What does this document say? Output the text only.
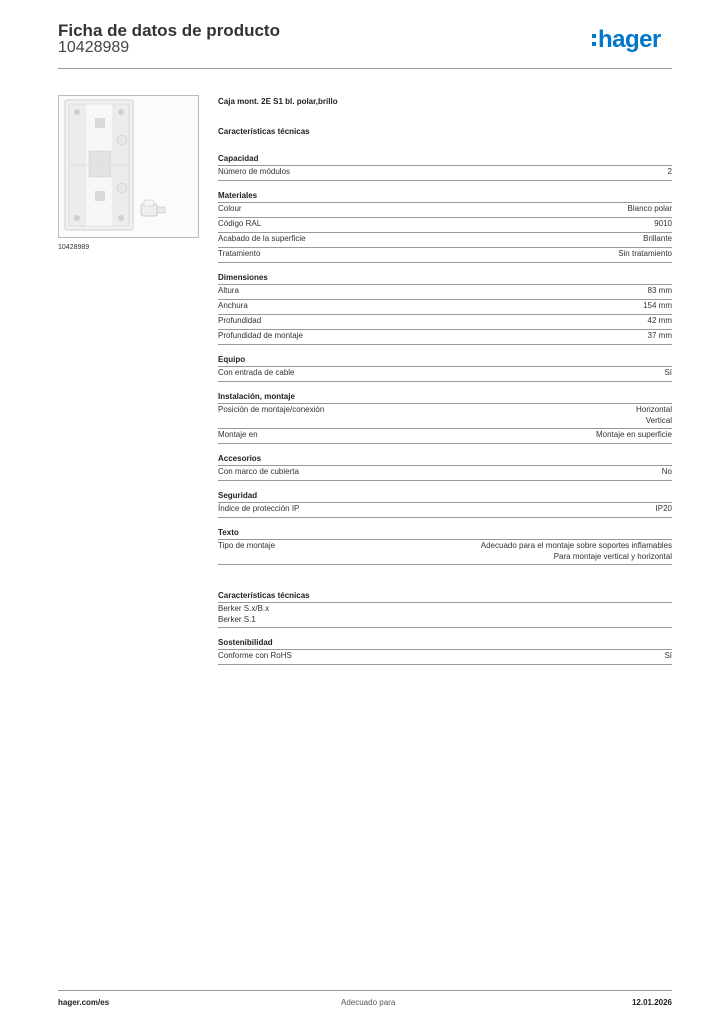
Ficha de datos de producto
10428989	hager
10428989
Caja mont. 2E S1 bl. polar,brillo
Características técnicas
Capacidad
Número de módulos	2
Materiales
Colour	Blanco polar
Código RAL	9010
Acabado de la superficie	Brillante
Tratamiento	Sin tratamiento
Dimensiones
Altura	83 mm
Anchura	154 mm
Profundidad	42 mm
Profundidad de montaje	37 mm
Equipo
Con entrada de cable	Sí
Instalación, montaje
Posición de montaje/conexión	Horizontal
Vertical
Montaje en	Montaje en superficie
Accesorios
Con marco de cubierta	No
Seguridad
Índice de protección IP	IP20
Texto
Tipo de montaje	Adecuado para el montaje sobre soportes inflamables
Para montaje vertical y horizontal
Características técnicas
Berker S.x/B.x
Berker S.1
Sostenibilidad
Conforme con RoHS	Sí
hager.com/es	Adecuado para	12.01.2026
